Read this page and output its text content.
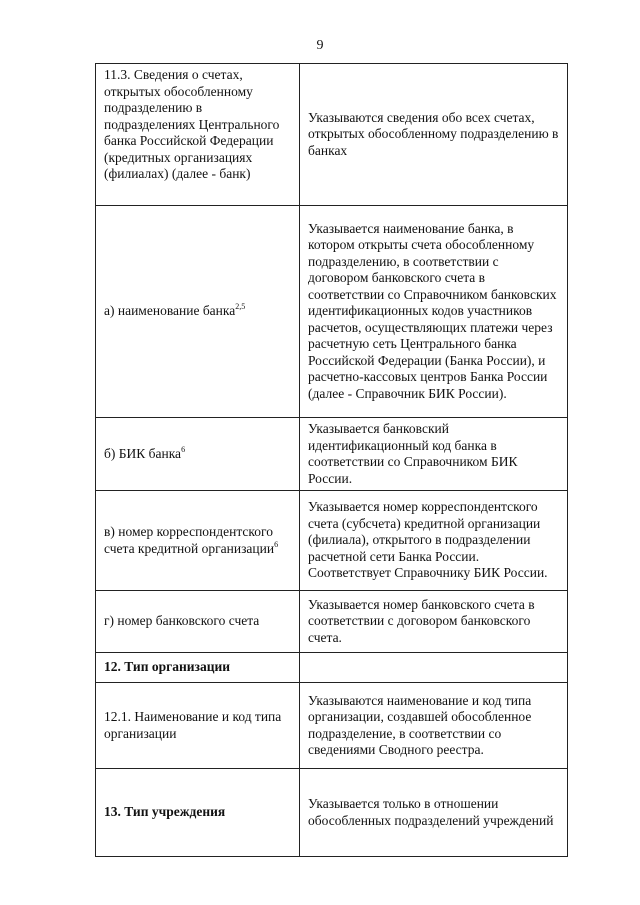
9
11.3. Сведения о счетах, открытых обособленному подразделению в подразделениях Центрального банка Российской Федерации (кредитных организациях (филиалах) (далее - банк)	Указываются сведения обо всех счетах, открытых обособленному подразделению в банках
а) наименование банка$^{2,5}$	Указывается наименование банка, в котором открыты счета обособленному подразделению, в соответствии с договором банковского счета в соответствии со Справочником банковских идентификационных кодов участников расчетов, осуществляющих платежи через расчетную сеть Центрального банка Российской Федерации (Банка России), и расчетно-кассовых центров Банка России (далее - Справочник БИК России).
б) БИК банка$^6$	Указывается банковский идентификационный код банка в соответствии со Справочником БИК России.
в) номер корреспондентского счета кредитной организации$^6$	Указывается номер корреспондентского счета (субсчета) кредитной организации (филиала), открытого в подразделении расчетной сети Банка России. Соответствует Справочнику БИК России.
г) номер банковского счета	Указывается номер банковского счета в соответствии с договором банковского счета.
12. Тип организации	
12.1. Наименование и код типа организации	Указываются наименование и код типа организации, создавшей обособленное подразделение, в соответствии со сведениями Сводного реестра.
13. Тип учреждения	Указывается только в отношении обособленных подразделений учреждений
